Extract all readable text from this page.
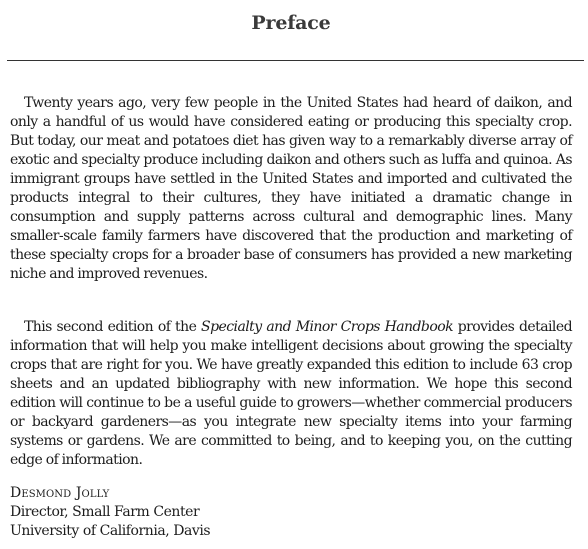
Preface

Twenty years ago, very few people in the United States had heard of daikon, and only a handful of us would have considered eating or producing this specialty crop. But today, our meat and potatoes diet has given way to a remarkably diverse array of exotic and specialty produce including daikon and others such as luffa and quinoa. As immigrant groups have settled in the United States and imported and cultivated the products integral to their cultures, they have initiated a dramatic change in consumption and supply patterns across cultural and demographic lines. Many smaller-scale family farmers have discovered that the production and marketing of these specialty crops for a broader base of consumers has provided a new marketing niche and improved revenues.

This second edition of the Specialty and Minor Crops Handbook provides detailed information that will help you make intelligent decisions about growing the specialty crops that are right for you. We have greatly expanded this edition to include 63 crop sheets and an updated bibliography with new information. We hope this second edition will continue to be a useful guide to growers—whether commercial producers or backyard gardeners—as you integrate new specialty items into your farming systems or gardens. We are committed to being, and to keeping you, on the cutting edge of information.

Desmond Jolly
Director, Small Farm Center
University of California, Davis
